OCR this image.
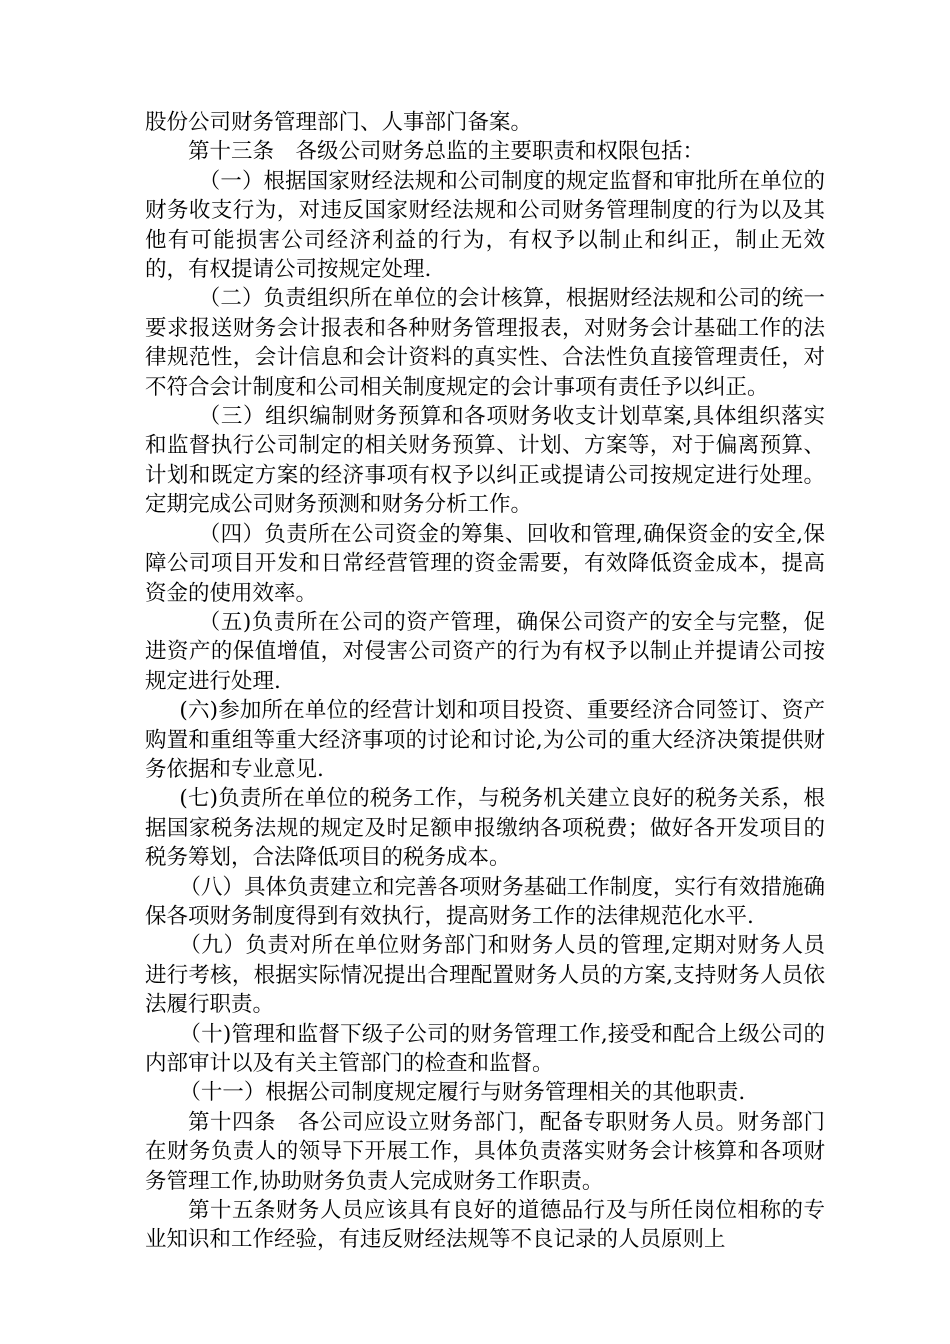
股份公司财务管理部门、人事部门备案。

第十三条　各级公司财务总监的主要职责和权限包括：

（一）根据国家财经法规和公司制度的规定监督和审批所在单位的财务收支行为，对违反国家财经法规和公司财务管理制度的行为以及其他有可能损害公司经济利益的行为，有权予以制止和纠正，制止无效的，有权提请公司按规定处理.

（二）负责组织所在单位的会计核算，根据财经法规和公司的统一要求报送财务会计报表和各种财务管理报表，对财务会计基础工作的法律规范性，会计信息和会计资料的真实性、合法性负直接管理责任，对不符合会计制度和公司相关制度规定的会计事项有责任予以纠正。

（三）组织编制财务预算和各项财务收支计划草案,具体组织落实和监督执行公司制定的相关财务预算、计划、方案等，对于偏离预算、计划和既定方案的经济事项有权予以纠正或提请公司按规定进行处理。定期完成公司财务预测和财务分析工作。

（四）负责所在公司资金的筹集、回收和管理,确保资金的安全,保障公司项目开发和日常经营管理的资金需要，有效降低资金成本，提高资金的使用效率。

（五)负责所在公司的资产管理，确保公司资产的安全与完整，促进资产的保值增值，对侵害公司资产的行为有权予以制止并提请公司按规定进行处理.

(六)参加所在单位的经营计划和项目投资、重要经济合同签订、资产购置和重组等重大经济事项的讨论和讨论,为公司的重大经济决策提供财务依据和专业意见.

(七)负责所在单位的税务工作，与税务机关建立良好的税务关系，根据国家税务法规的规定及时足额申报缴纳各项税费；做好各开发项目的税务筹划，合法降低项目的税务成本。

（八）具体负责建立和完善各项财务基础工作制度，实行有效措施确保各项财务制度得到有效执行，提高财务工作的法律规范化水平.

（九）负责对所在单位财务部门和财务人员的管理,定期对财务人员进行考核，根据实际情况提出合理配置财务人员的方案,支持财务人员依法履行职责。

（十)管理和监督下级子公司的财务管理工作,接受和配合上级公司的内部审计以及有关主管部门的检查和监督。

（十一）根据公司制度规定履行与财务管理相关的其他职责.

第十四条　各公司应设立财务部门，配备专职财务人员。财务部门在财务负责人的领导下开展工作，具体负责落实财务会计核算和各项财务管理工作,协助财务负责人完成财务工作职责。

第十五条财务人员应该具有良好的道德品行及与所任岗位相称的专业知识和工作经验，有违反财经法规等不良记录的人员原则上
